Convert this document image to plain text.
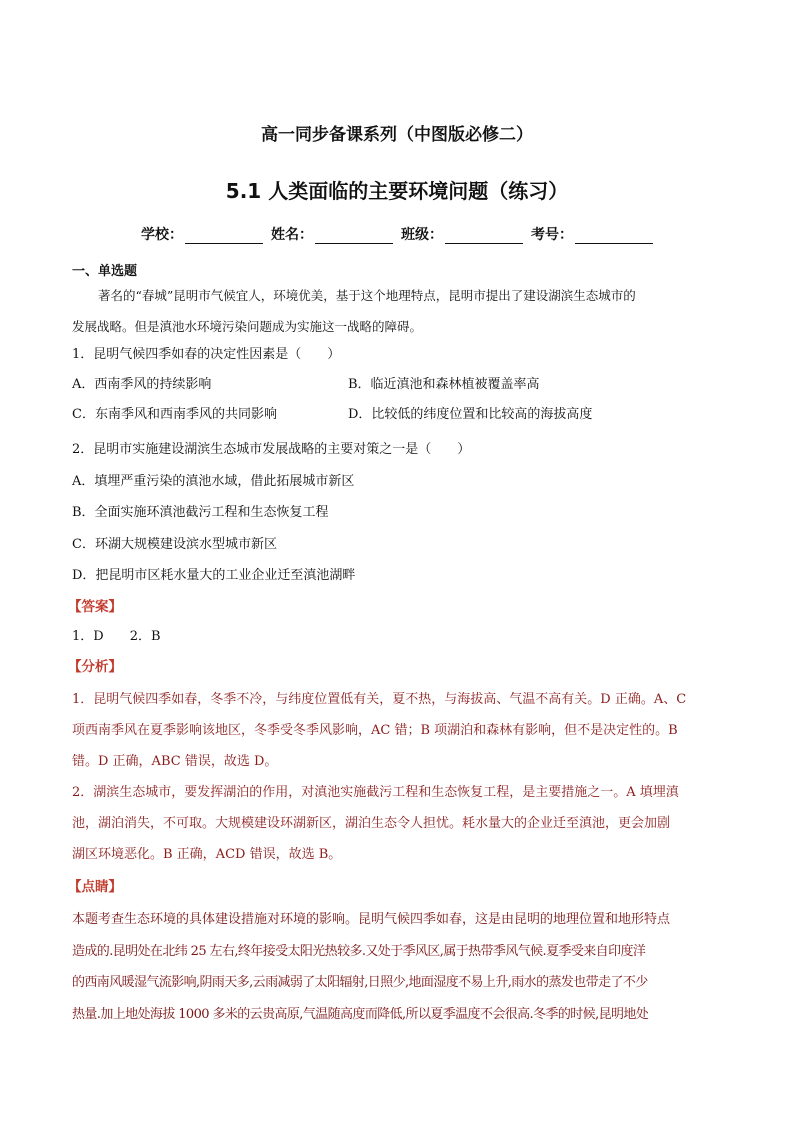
高一同步备课系列（中图版必修二）
5.1 人类面临的主要环境问题（练习）
学校：	姓名：	班级：	考号：
一、单选题
著名的“春城”昆明市气候宜人，环境优美，基于这个地理特点，昆明市提出了建设湖滨生态城市的
发展战略。但是滇池水环境污染问题成为实施这一战略的障碍。
1．昆明气候四季如春的决定性因素是（　　）
A．西南季风的持续影响	B．临近滇池和森林植被覆盖率高
C．东南季风和西南季风的共同影响	D．比较低的纬度位置和比较高的海拔高度
2．昆明市实施建设湖滨生态城市发展战略的主要对策之一是（　　）
A．填埋严重污染的滇池水域，借此拓展城市新区
B．全面实施环滇池截污工程和生态恢复工程
C．环湖大规模建设滨水型城市新区
D．把昆明市区耗水量大的工业企业迁至滇池湖畔
【答案】
1．D　　2．B
【分析】
1．昆明气候四季如春，冬季不冷，与纬度位置低有关，夏不热，与海拔高、气温不高有关。D 正确。A、C
项西南季风在夏季影响该地区，冬季受冬季风影响，AC 错；B 项湖泊和森林有影响，但不是决定性的。B
错。D 正确，ABC 错误，故选 D。
2．湖滨生态城市，要发挥湖泊的作用，对滇池实施截污工程和生态恢复工程，是主要措施之一。A 填埋滇
池，湖泊消失，不可取。大规模建设环湖新区，湖泊生态令人担忧。耗水量大的企业迁至滇池，更会加剧
湖区环境恶化。B 正确，ACD 错误，故选 B。
【点睛】
本题考查生态环境的具体建设措施对环境的影响。昆明气候四季如春，这是由昆明的地理位置和地形特点
造成的.昆明处在北纬 25 左右,终年接受太阳光热较多.又处于季风区,属于热带季风气候.夏季受来自印度洋
的西南风暖湿气流影响,阴雨天多,云雨减弱了太阳辐射,日照少,地面湿度不易上升,雨水的蒸发也带走了不少
热量.加上地处海拔 1000 多米的云贵高原,气温随高度而降低,所以夏季温度不会很高.冬季的时候,昆明地处
